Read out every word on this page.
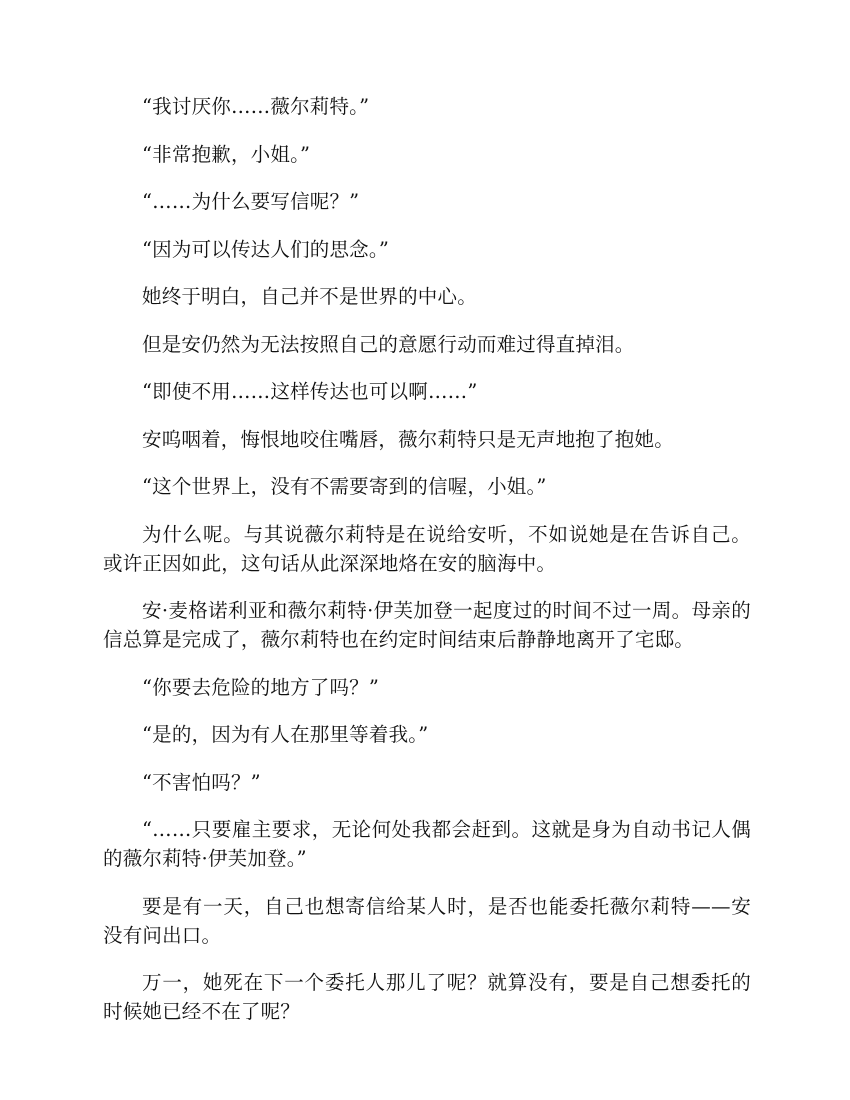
“我讨厌你……薇尔莉特。”

“非常抱歉，小姐。”

“……为什么要写信呢？”

“因为可以传达人们的思念。”

她终于明白，自己并不是世界的中心。

但是安仍然为无法按照自己的意愿行动而难过得直掉泪。

“即使不用……这样传达也可以啊……”

安呜咽着，悔恨地咬住嘴唇，薇尔莉特只是无声地抱了抱她。

“这个世界上，没有不需要寄到的信喔，小姐。”

为什么呢。与其说薇尔莉特是在说给安听，不如说她是在告诉自己。或许正因如此，这句话从此深深地烙在安的脑海中。

安·麦格诺利亚和薇尔莉特·伊芙加登一起度过的时间不过一周。母亲的信总算是完成了，薇尔莉特也在约定时间结束后静静地离开了宅邸。

“你要去危险的地方了吗？”

“是的，因为有人在那里等着我。”

“不害怕吗？”

“……只要雇主要求，无论何处我都会赶到。这就是身为自动书记人偶的薇尔莉特·伊芙加登。”

要是有一天，自己也想寄信给某人时，是否也能委托薇尔莉特——安没有问出口。

万一，她死在下一个委托人那儿了呢？就算没有，要是自己想委托的时候她已经不在了呢？
